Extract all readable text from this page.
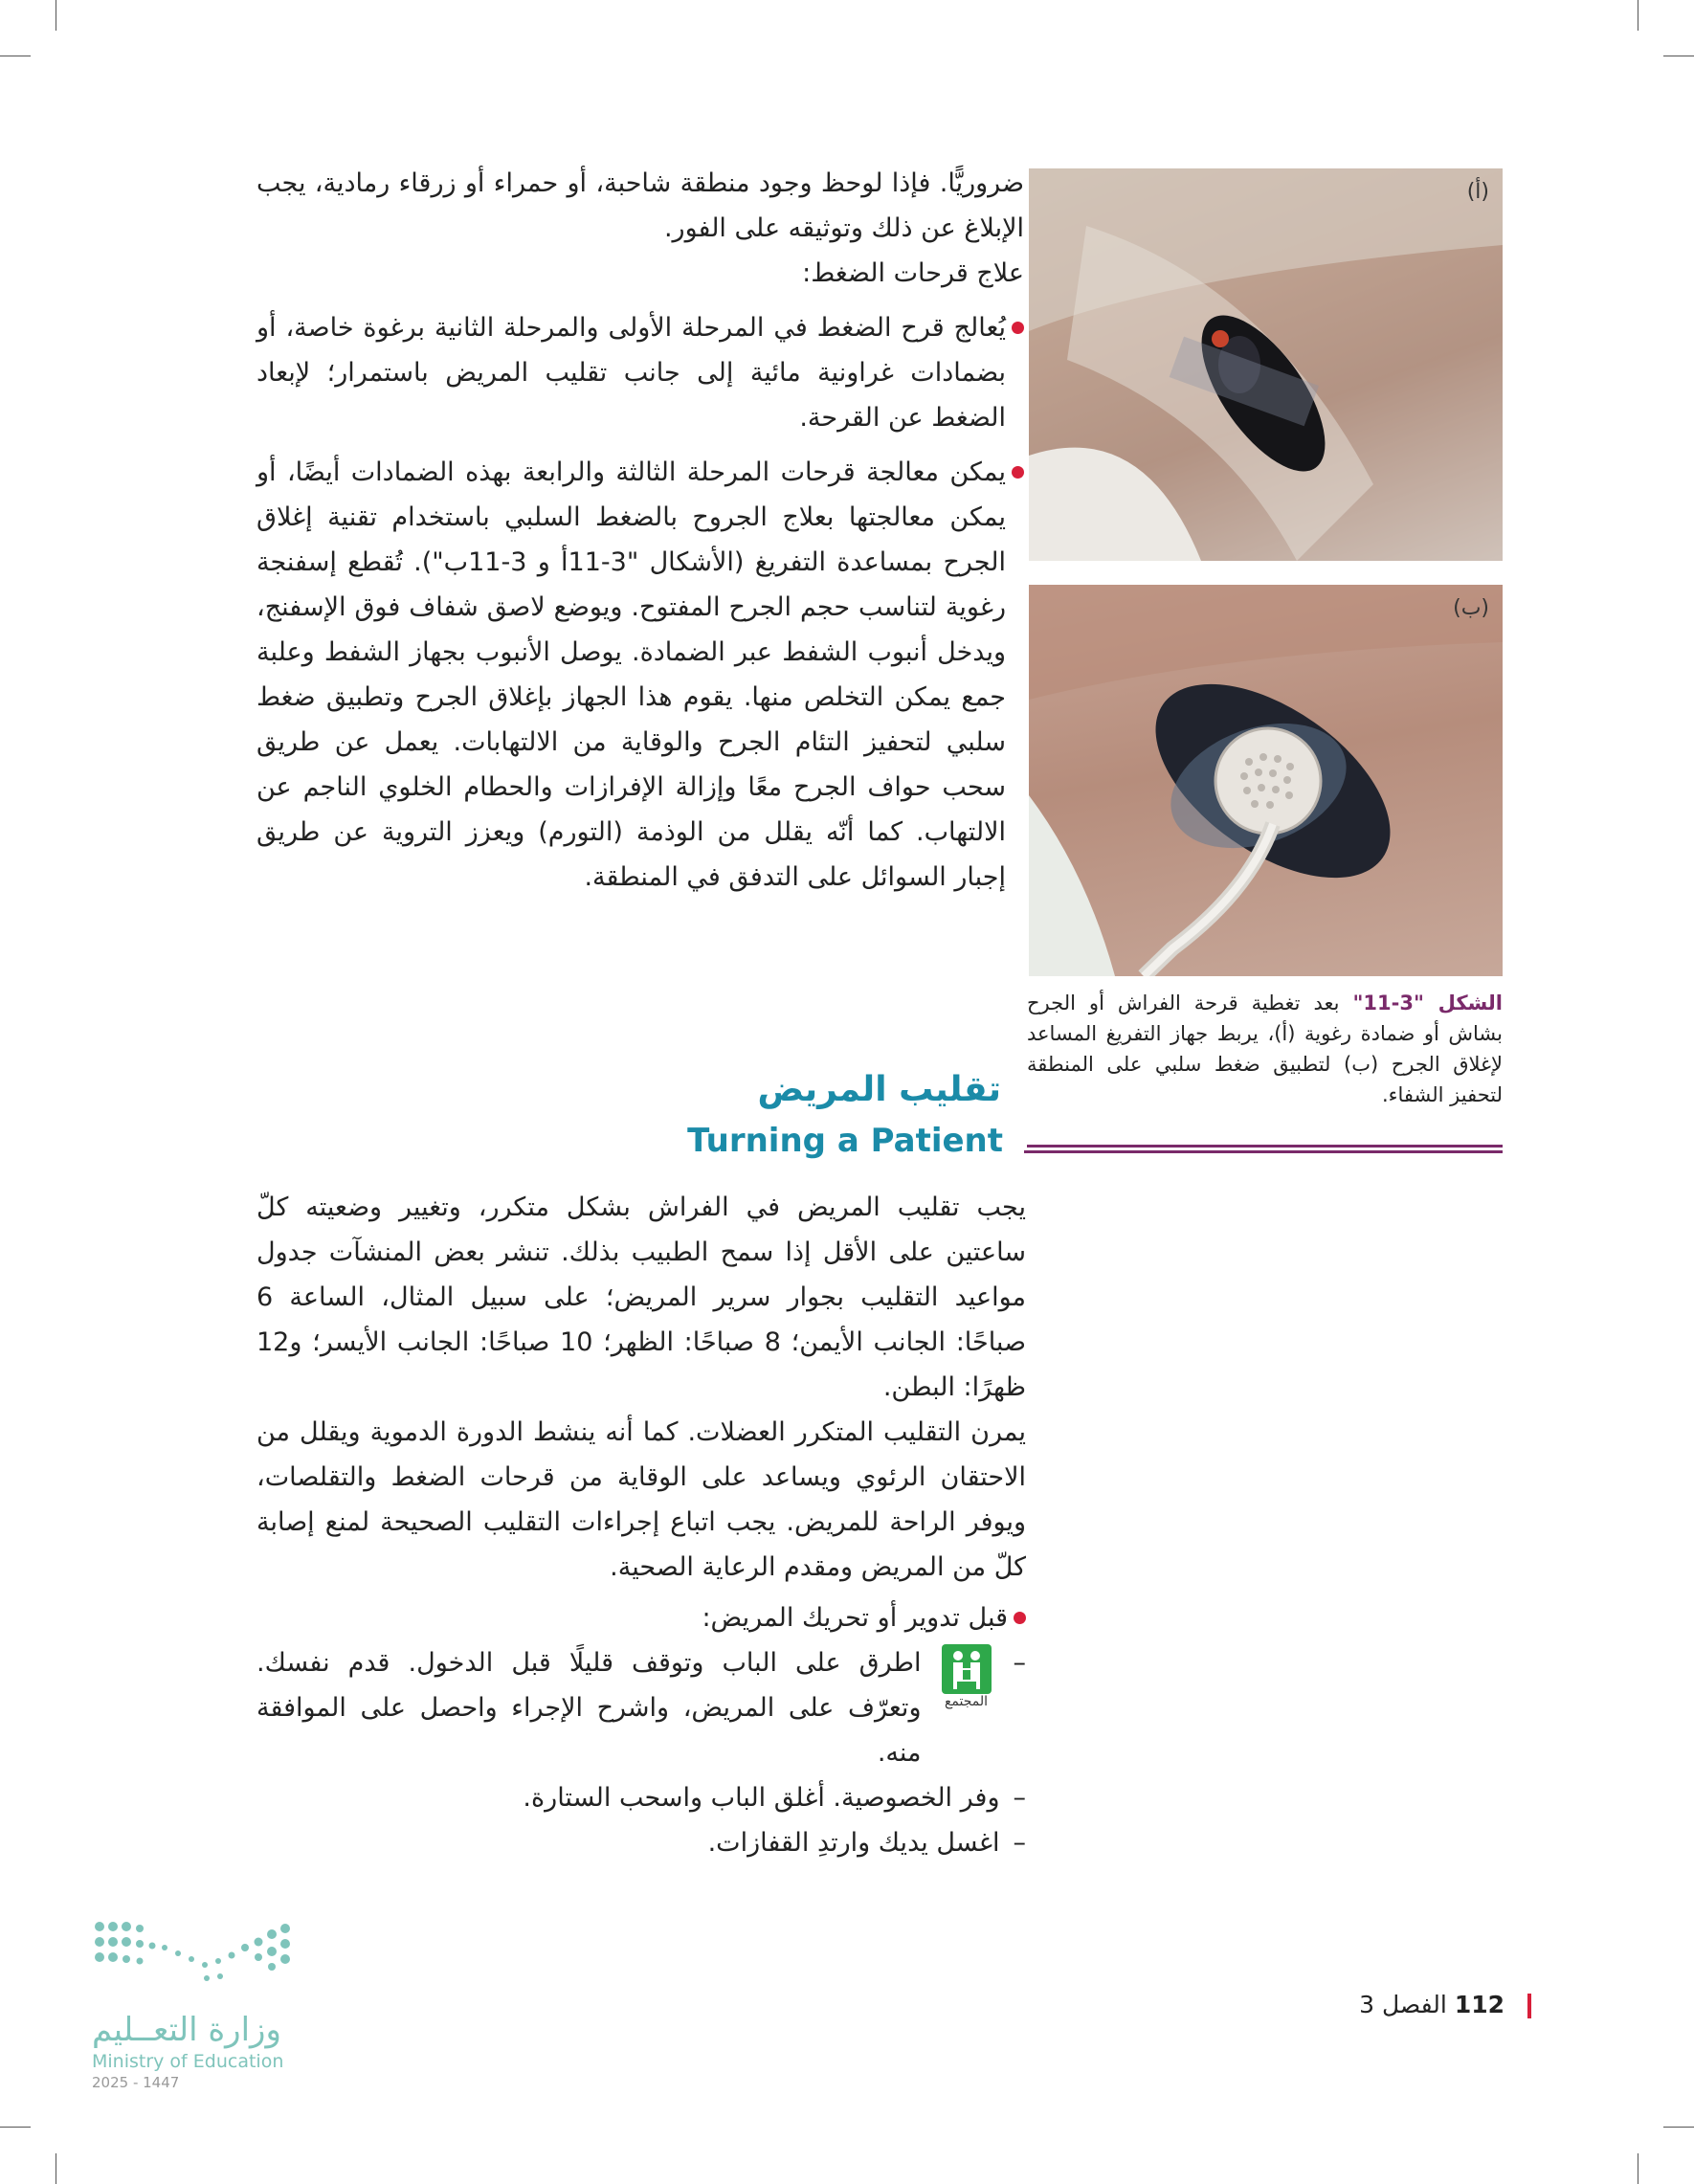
ضروريًّا. فإذا لوحظ وجود منطقة شاحبة، أو حمراء أو زرقاء رمادية، يجب الإبلاغ عن ذلك وتوثيقه على الفور.

علاج قرحات الضغط:

يُعالج قرح الضغط في المرحلة الأولى والمرحلة الثانية برغوة خاصة، أو بضمادات غراونية مائية إلى جانب تقليب المريض باستمرار؛ لإبعاد الضغط عن القرحة.

يمكن معالجة قرحات المرحلة الثالثة والرابعة بهذه الضمادات أيضًا، أو يمكن معالجتها بعلاج الجروح بالضغط السلبي باستخدام تقنية إغلاق الجرح بمساعدة التفريغ (الأشكال "3-11أ و 3-11ب"). تُقطع إسفنجة رغوية لتناسب حجم الجرح المفتوح. ويوضع لاصق شفاف فوق الإسفنج، ويدخل أنبوب الشفط عبر الضمادة. يوصل الأنبوب بجهاز الشفط وعلبة جمع يمكن التخلص منها. يقوم هذا الجهاز بإغلاق الجرح وتطبيق ضغط سلبي لتحفيز التئام الجرح والوقاية من الالتهابات. يعمل عن طريق سحب حواف الجرح معًا وإزالة الإفرازات والحطام الخلوي الناجم عن الالتهاب. كما أنّه يقلل من الوذمة (التورم) ويعزز التروية عن طريق إجبار السوائل على التدفق في المنطقة.

تقليب المريض
Turning a Patient

يجب تقليب المريض في الفراش بشكل متكرر، وتغيير وضعيته كلّ ساعتين على الأقل إذا سمح الطبيب بذلك. تنشر بعض المنشآت جدول مواعيد التقليب بجوار سرير المريض؛ على سبيل المثال، الساعة 6 صباحًا: الجانب الأيمن؛ 8 صباحًا: الظهر؛ 10 صباحًا: الجانب الأيسر؛ و12 ظهرًا: البطن.

يمرن التقليب المتكرر العضلات. كما أنه ينشط الدورة الدموية ويقلل من الاحتقان الرئوي ويساعد على الوقاية من قرحات الضغط والتقلصات، ويوفر الراحة للمريض. يجب اتباع إجراءات التقليب الصحيحة لمنع إصابة كلّ من المريض ومقدم الرعاية الصحية.

قبل تدوير أو تحريك المريض:

–
المجتمع

اطرق على الباب وتوقف قليلًا قبل الدخول. قدم نفسك. وتعرّف على المريض، واشرح الإجراء واحصل على الموافقة منه.

–

وفر الخصوصية. أغلق الباب واسحب الستارة.

–

اغسل يديك وارتدِ القفازات.

(أ)
(ب)
الشكل "3-11" بعد تغطية قرحة الفراش أو الجرح بشاش أو ضمادة رغوية (أ)، يربط جهاز التفريغ المساعد لإغلاق الجرح (ب) لتطبيق ضغط سلبي على المنطقة لتحفيز الشفاء.
وزارة التعــليم
Ministry of Education
2025 - 1447
112الفصل 3
